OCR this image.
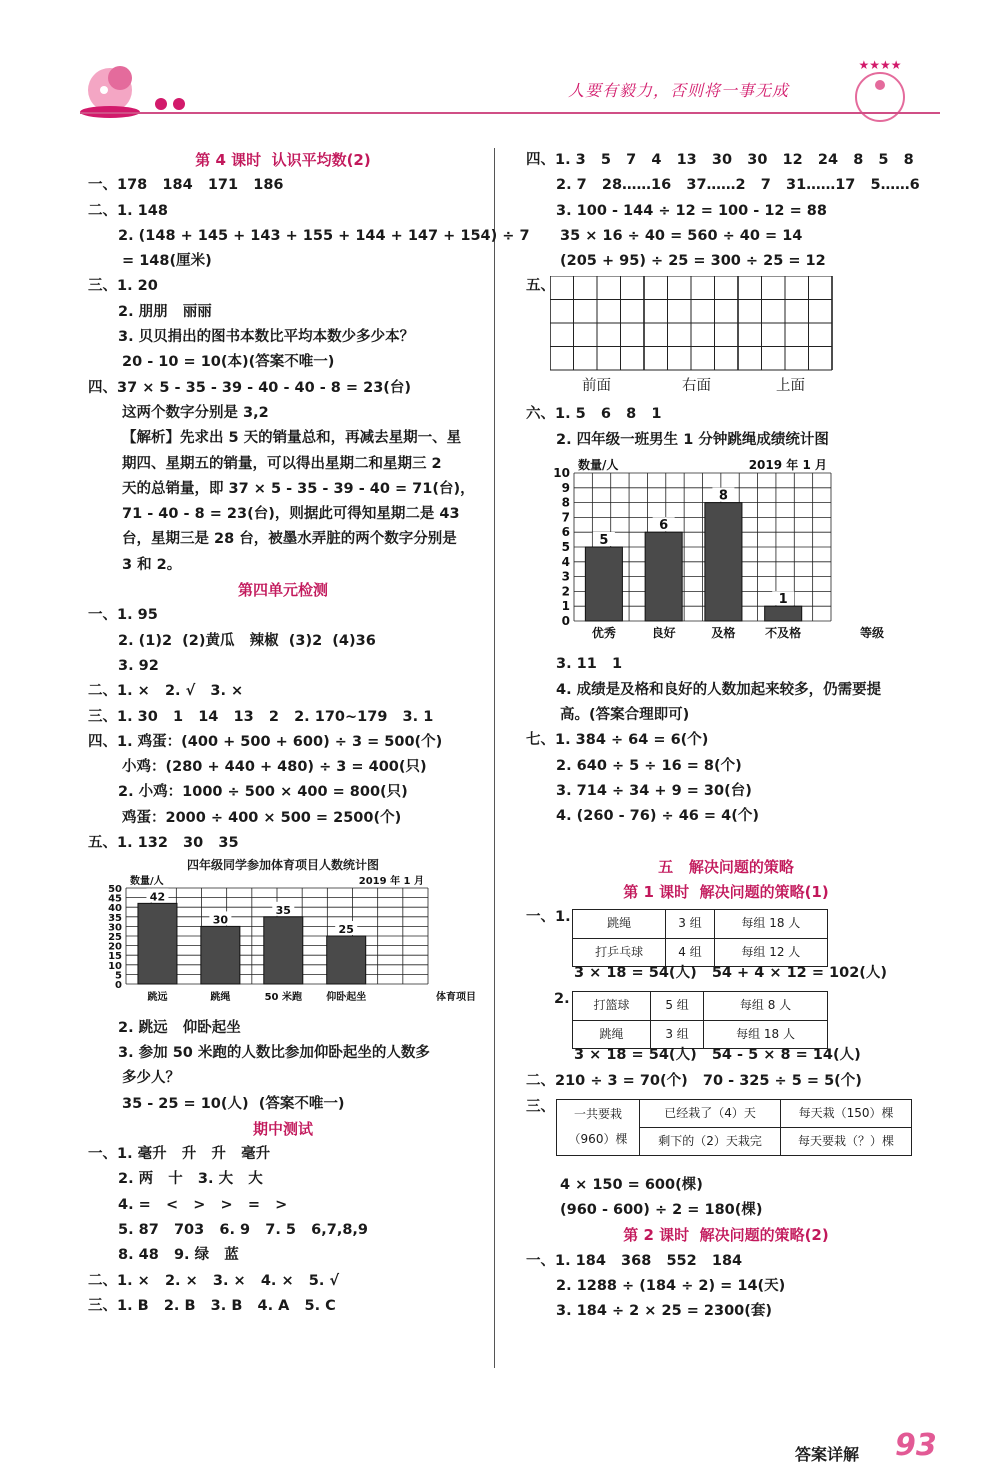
人要有毅力，否则将一事无成
★★★★
第 4 课时  认识平均数(2)
一、178   184   171   186
二、1. 148
2. (148 + 145 + 143 + 155 + 144 + 147 + 154) ÷ 7
= 148(厘米)
三、1. 20
2. 朋朋   丽丽
3. 贝贝捐出的图书本数比平均本数少多少本？
20 - 10 = 10(本)(答案不唯一)
四、37 × 5 - 35 - 39 - 40 - 40 - 8 = 23(台)
这两个数字分别是 3,2
【解析】先求出 5 天的销量总和，再减去星期一、星
期四、星期五的销量，可以得出星期二和星期三 2
天的总销量，即 37 × 5 - 35 - 39 - 40 = 71(台)，
71 - 40 - 8 = 23(台)，则据此可得知星期二是 43
台，星期三是 28 台，被墨水弄脏的两个数字分别是
3 和 2。
第四单元检测
一、1. 95
2. (1)2  (2)黄瓜   辣椒  (3)2  (4)36
3. 92
二、1. ×   2. √   3. ×
三、1. 30   1   14   13   2   2. 170~179   3. 1
四、1. 鸡蛋：(400 + 500 + 600) ÷ 3 = 500(个)
小鸡：(280 + 440 + 480) ÷ 3 = 400(只)
2. 小鸡：1000 ÷ 500 × 400 = 800(只)
鸡蛋：2000 ÷ 400 × 500 = 2500(个)
五、1. 132   30   35
四年级同学参加体育项目人数统计图
0
5
10
15
20
25
30
35
40
45
50
数量/人	2019 年 1 月
体育项目
42
跳远
30
跳绳
35
50 米跑
25
仰卧起坐
2. 跳远   仰卧起坐
3. 参加 50 米跑的人数比参加仰卧起坐的人数多
多少人？
35 - 25 = 10(人)  (答案不唯一)
期中测试
一、1. 毫升   升   升   毫升
2. 两   十   3. 大   大
4. =   <   >   >   =   >
5. 87   703   6. 9   7. 5   6,7,8,9
8. 48   9. 绿   蓝
二、1. ×   2. ×   3. ×   4. ×   5. √
三、1. B   2. B   3. B   4. A   5. C
四、1. 3   5   7   4   13   30   30   12   24   8   5   8
2. 7   28……16   37……2   7   31……17   5……6
3. 100 - 144 ÷ 12 = 100 - 12 = 88
35 × 16 ÷ 40 = 560 ÷ 40 = 14
(205 + 95) ÷ 25 = 300 ÷ 25 = 12
五、
前面	右面	上面
六、1. 5   6   8   1
2. 四年级一班男生 1 分钟跳绳成绩统计图
0
1
2
3
4
5
6
7
8
9
10
数量/人	2019 年 1 月
等级
5
优秀
6
良好
8
及格
1
不及格
3. 11   1
4. 成绩是及格和良好的人数加起来较多，仍需要提
高。(答案合理即可)
七、1. 384 ÷ 64 = 6(个)
2. 640 ÷ 5 ÷ 16 = 8(个)
3. 714 ÷ 34 + 9 = 30(台)
4. (260 - 76) ÷ 46 = 4(个)

五   解决问题的策略
第 1 课时  解决问题的策略(1)
一、1.	跳绳	3 组	每组 18 人
打乒乓球	4 组	每组 12 人
3 × 18 = 54(人)   54 + 4 × 12 = 102(人)
2. 打篮球	5 组	每组 8 人
跳绳	3 组	每组 18 人
3 × 18 = 54(人)   54 - 5 × 8 = 14(人)
二、210 ÷ 3 = 70(个)   70 - 325 ÷ 5 = 5(个)
三、 一共要栽（960）棵	已经栽了（4）天	每天栽（150）棵
	剩下的（2）天栽完	每天要栽（？）棵
4 × 150 = 600(棵)
(960 - 600) ÷ 2 = 180(棵)
第 2 课时  解决问题的策略(2)
一、1. 184   368   552   184
2. 1288 ÷ (184 ÷ 2) = 14(天)
3. 184 ÷ 2 × 25 = 2300(套)
答案详解 93
